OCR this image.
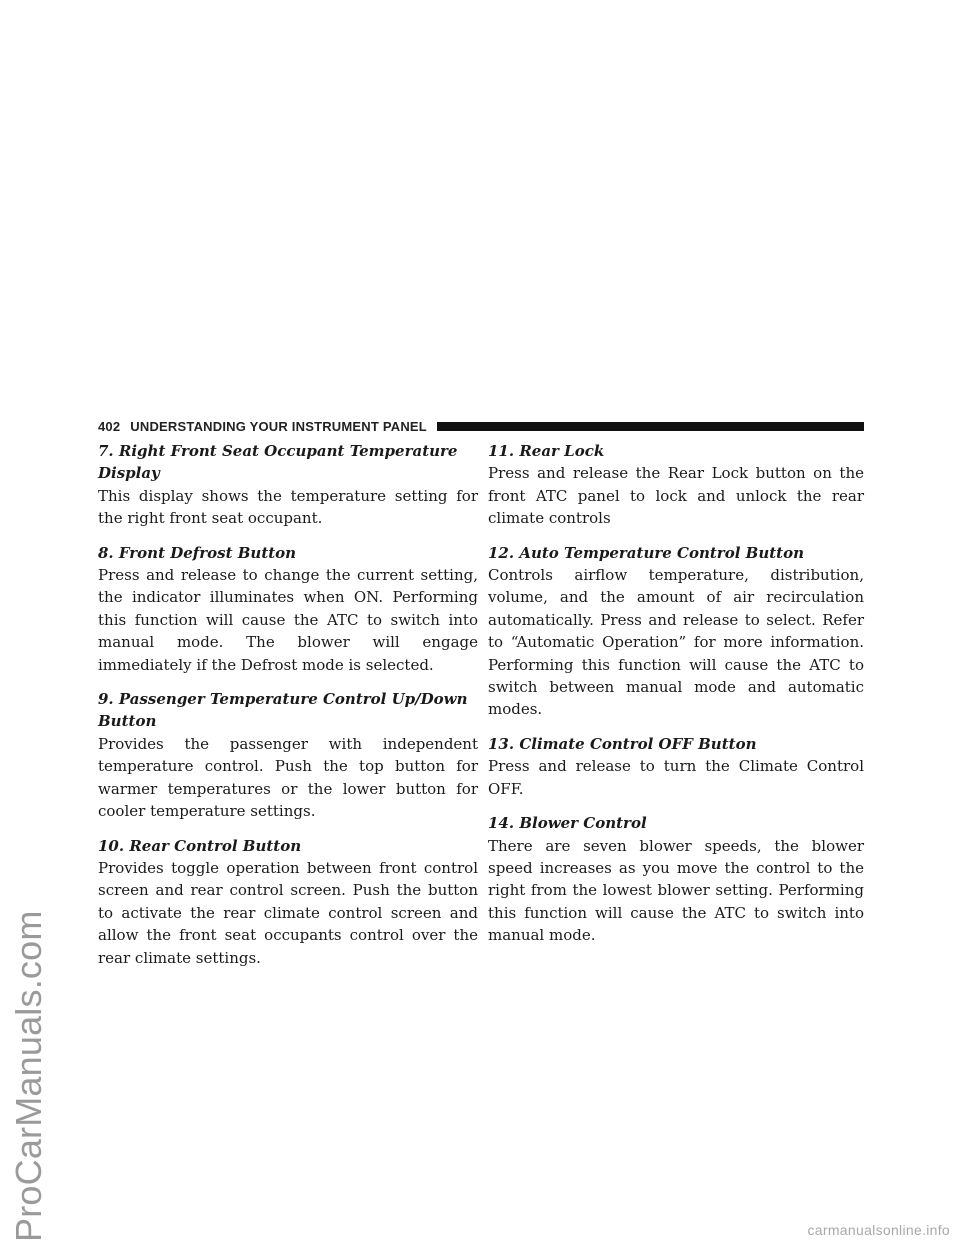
ProCarManuals.com
402 UNDERSTANDING YOUR INSTRUMENT PANEL
7. Right Front Seat Occupant Temperature Display
This display shows the temperature setting for the right front seat occupant.
8. Front Defrost Button
Press and release to change the current setting, the indicator illuminates when ON. Performing this function will cause the ATC to switch into manual mode. The blower will engage immediately if the Defrost mode is selected.
9. Passenger Temperature Control Up/Down Button
Provides the passenger with independent temperature control. Push the top button for warmer temperatures or the lower button for cooler temperature settings.
10. Rear Control Button
Provides toggle operation between front control screen and rear control screen. Push the button to activate the rear climate control screen and allow the front seat occupants control over the rear climate settings.
11. Rear Lock
Press and release the Rear Lock button on the front ATC panel to lock and unlock the rear climate controls
12. Auto Temperature Control Button
Controls airflow temperature, distribution, volume, and the amount of air recirculation automatically. Press and release to select. Refer to “Automatic Operation” for more information. Performing this function will cause the ATC to switch between manual mode and automatic modes.
13. Climate Control OFF Button
Press and release to turn the Climate Control OFF.
14. Blower Control
There are seven blower speeds, the blower speed increases as you move the control to the right from the lowest blower setting. Performing this function will cause the ATC to switch into manual mode.
carmanualsonline.info
